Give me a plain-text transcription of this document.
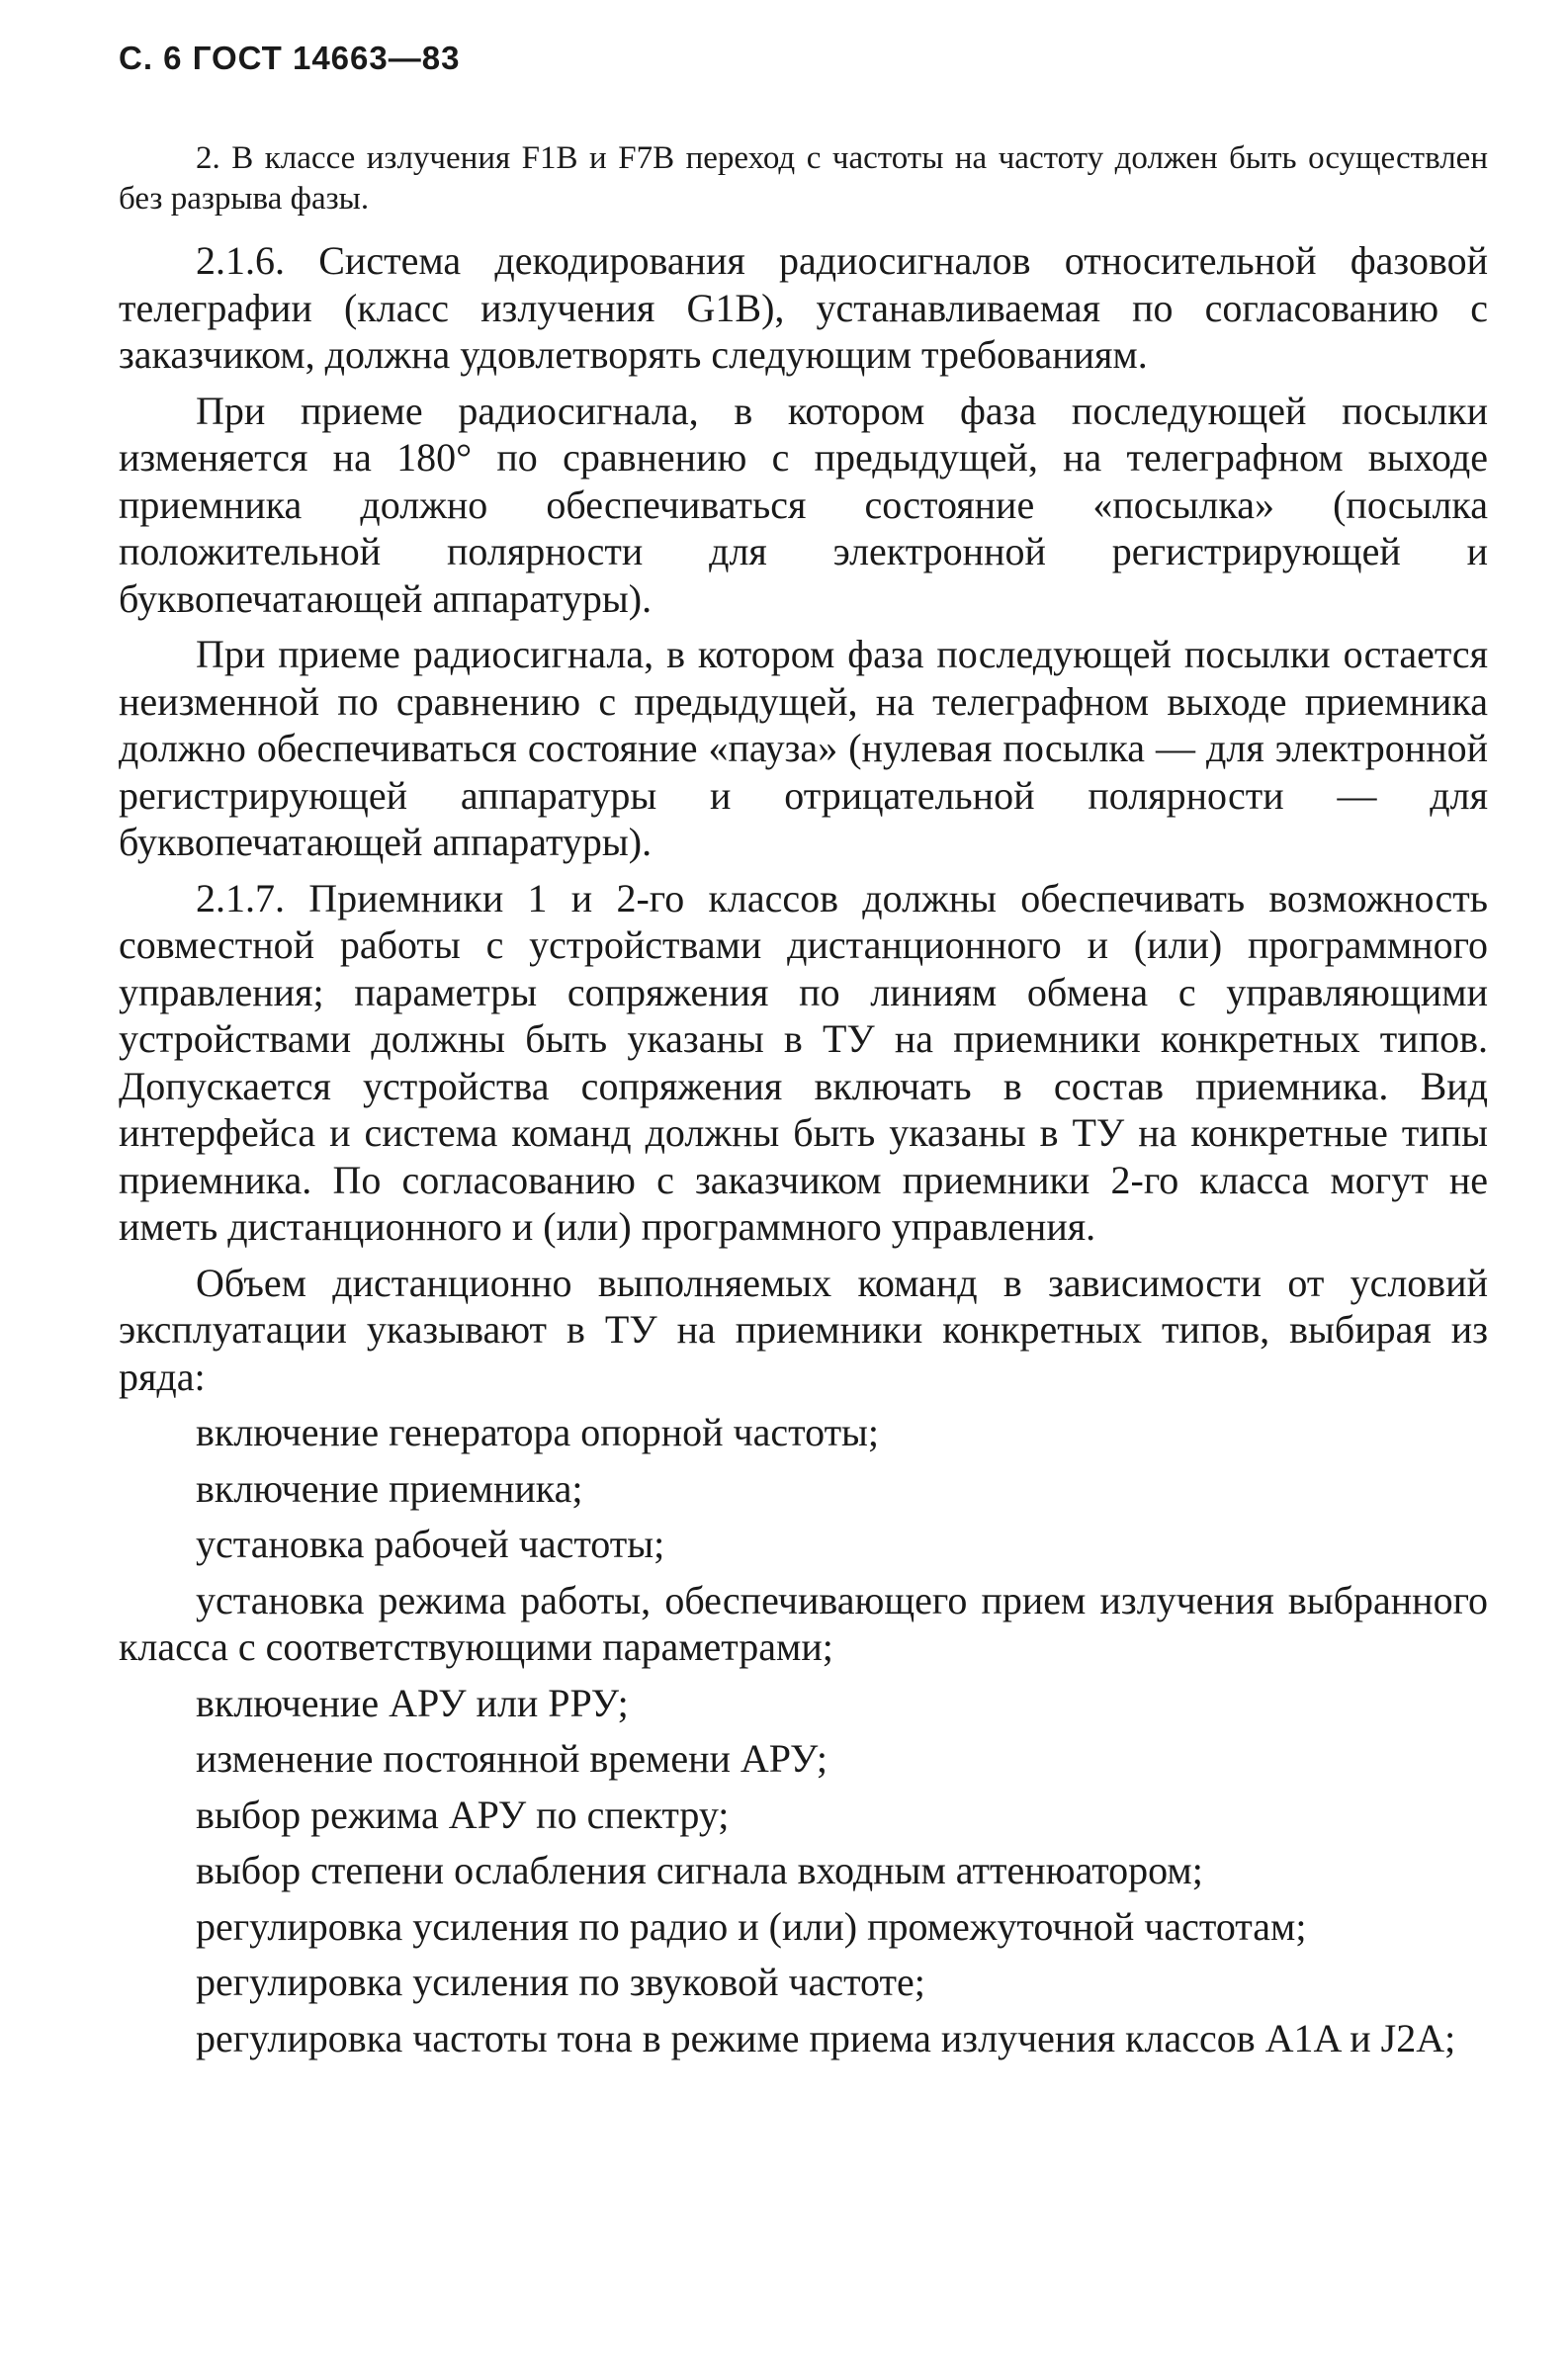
С. 6 ГОСТ 14663—83

2. В классе излучения F1B и F7B переход с частоты на частоту должен быть осуществлен без разрыва фазы.

2.1.6. Система декодирования радиосигналов относительной фазовой телеграфии (класс излучения G1B), устанавливаемая по согласованию с заказчиком, должна удовлетворять следующим требованиям.

При приеме радиосигнала, в котором фаза последующей посылки изменяется на 180° по сравнению с предыдущей, на телеграфном выходе приемника должно обеспечиваться состояние «посылка» (посылка положительной полярности для электронной регистрирующей и буквопечатающей аппаратуры).

При приеме радиосигнала, в котором фаза последующей посылки остается неизменной по сравнению с предыдущей, на телеграфном выходе приемника должно обеспечиваться состояние «пауза» (нулевая посылка — для электронной регистрирующей аппаратуры и отрицательной полярности — для буквопечатающей аппаратуры).

2.1.7. Приемники 1 и 2-го классов должны обеспечивать возможность совместной работы с устройствами дистанционного и (или) программного управления; параметры сопряжения по линиям обмена с управляющими устройствами должны быть указаны в ТУ на приемники конкретных типов. Допускается устройства сопряжения включать в состав приемника. Вид интерфейса и система команд должны быть указаны в ТУ на конкретные типы приемника. По согласованию с заказчиком приемники 2-го класса могут не иметь дистанционного и (или) программного управления.

Объем дистанционно выполняемых команд в зависимости от условий эксплуатации указывают в ТУ на приемники конкретных типов, выбирая из ряда:

включение генератора опорной частоты;
включение приемника;
установка рабочей частоты;
установка режима работы, обеспечивающего прием излучения выбранного класса с соответствующими параметрами;
включение АРУ или РРУ;
изменение постоянной времени АРУ;
выбор режима АРУ по спектру;
выбор степени ослабления сигнала входным аттенюатором;
регулировка усиления по радио и (или) промежуточной частотам;
регулировка усиления по звуковой частоте;
регулировка частоты тона в режиме приема излучения классов A1A и J2A;
